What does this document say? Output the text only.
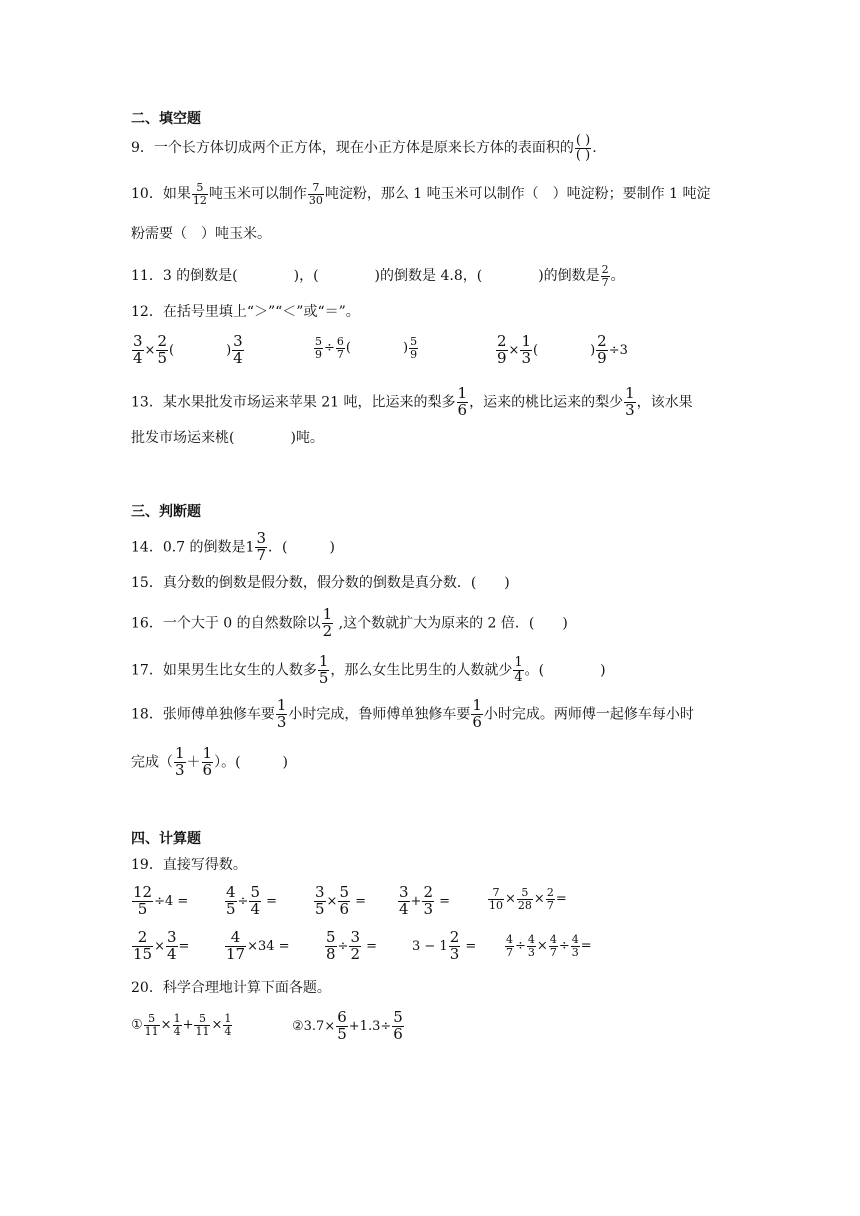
二、填空题
9．一个长方体切成两个正方体，现在小正方体是原来长方体的表面积的 $\frac{( )}{( )}$ .
10．如果 $\frac{5}{12}$ 吨玉米可以制作 $\frac{7}{30}$ 吨淀粉，那么 1 吨玉米可以制作（　）吨淀粉；要制作 1 吨淀
粉需要（　）吨玉米。
11．3 的倒数是(　　　　)，(　　　　)的倒数是 4.8，(　　　　)的倒数是 $\frac{2}{7}$ 。
12．在括号里填上“＞”“＜”或“＝”。
$\frac{3}{4} \times \frac{2}{5}$ (　　　　) $\frac{3}{4}$	$\frac{5}{9} \div \frac{6}{7}$ (　　　　) $\frac{5}{9}$	$\frac{2}{9} \times \frac{1}{3}$ (　　　　) $\frac{2}{9} \div 3$
13．某水果批发市场运来苹果 21 吨，比运来的梨多 $\frac{1}{6}$ ，运来的桃比运来的梨少 $\frac{1}{3}$ ，该水果
批发市场运来桃(　　　　)吨。
三、判断题
14．0.7 的倒数是$1 \frac{3}{7}$ ．(　　　)
15．真分数的倒数是假分数，假分数的倒数是真分数．(　　)
16．一个大于 0 的自然数除以 $\frac{1}{2}$ ,这个数就扩大为原来的 2 倍．(　　)
17．如果男生比女生的人数多 $\frac{1}{5}$ ，那么女生比男生的人数就少 $\frac{1}{4}$ 。(　　　　)
18．张师傅单独修车要 $\frac{1}{3}$ 小时完成，鲁师傅单独修车要 $\frac{1}{6}$ 小时完成。两师傅一起修车每小时
完成（ $\frac{1}{3} + \frac{1}{6}$ ）。(　　　)
四、计算题
19．直接写得数。
$\frac{12}{5} \div 4 = \frac{4}{5} \div \frac{5}{4} = \frac{3}{5} \times \frac{5}{6} = \frac{3}{4} + \frac{2}{3}$ =	$\frac{7}{10} \times \frac{5}{28} \times \frac{2}{7}$ =
$\frac{2}{15} \times \frac{3}{4} = \frac{4}{17} \times 34 = \frac{5}{8} \div \frac{3}{2}$ =	$3 - 1 \frac{2}{3}$ =	$\frac{4}{7} \div \frac{4}{3} \times \frac{4}{7} \div \frac{4}{3}$ =
20．科学合理地计算下面各题。
① $\frac{5}{11} \times \frac{1}{4} + \frac{5}{11} \times \frac{1}{4}$	②3.7× $\frac{6}{5} +1.3\div \frac{5}{6}$
